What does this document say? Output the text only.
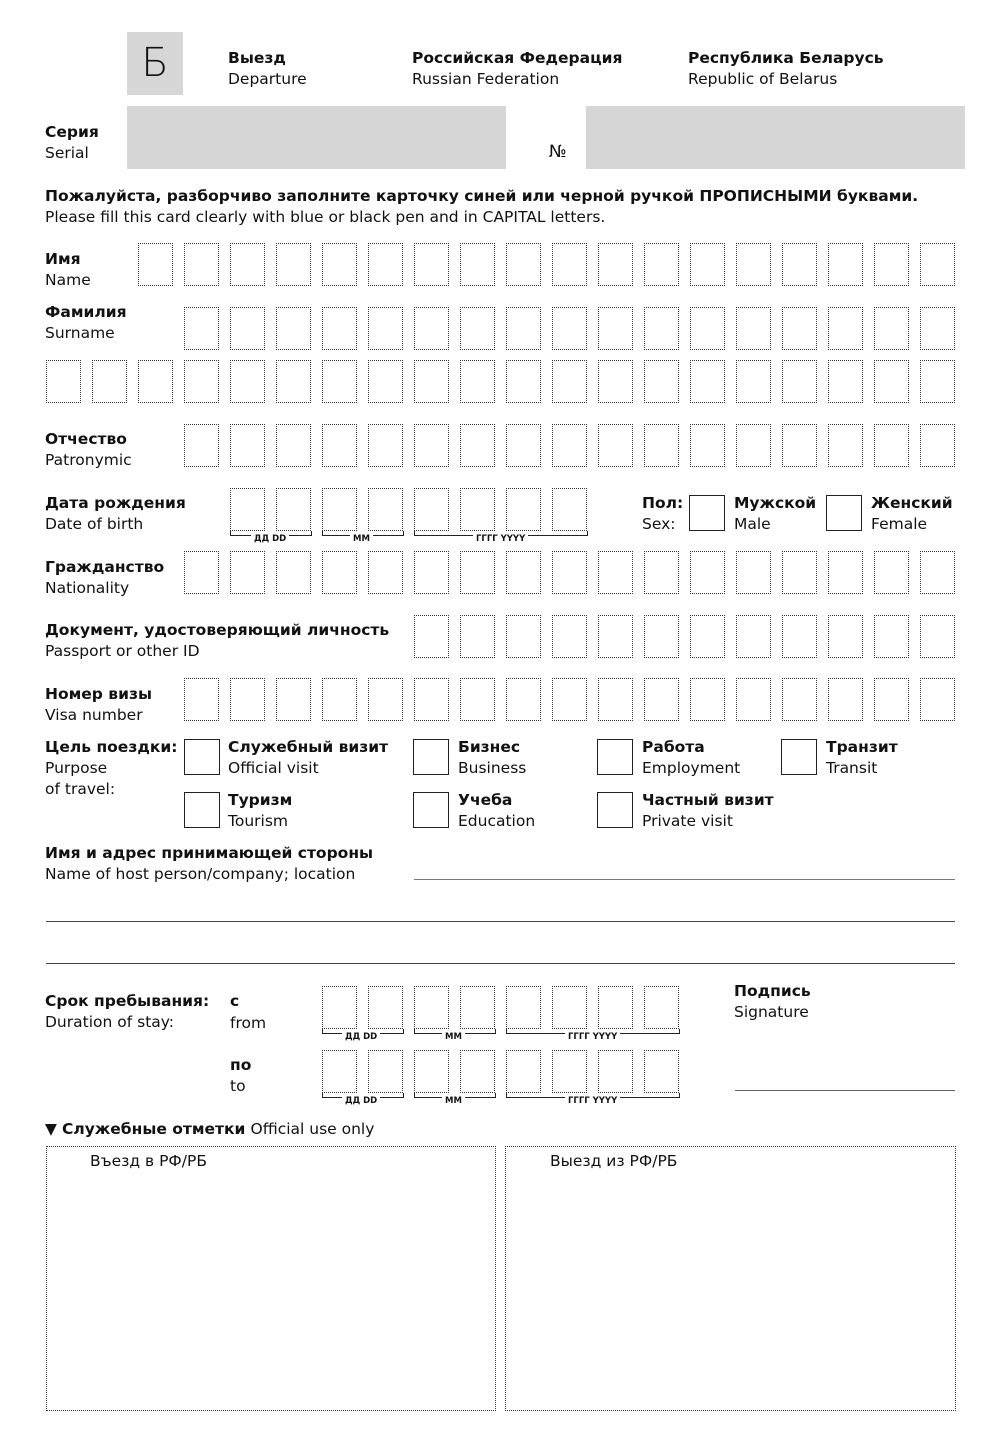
Б	Выезд
Departure
Российская Федерация
Russian Federation
Республика Беларусь
Republic of Belarus
Серия
Serial	№
Пожалуйста, разборчиво заполните карточку синей или черной ручкой ПРОПИСНЫМИ буквами.
Please fill this card clearly with blue or black pen and in CAPITAL letters.
Имя
Name
Фамилия
Surname
Отчество
Patronymic
Дата рождения
Date of birth
ДД DD	ММ	ГГГГ YYYY
Пол:
Sex:
Мужской
Male
Женский
Female
Гражданство
Nationality
Документ, удостоверяющий личность
Passport or other ID
Номер визы
Visa number
Цель поездки:
Purpose
of travel:
Служебный визит
Official visit
Бизнес
Business
Работа
Employment
Транзит
Transit
Туризм
Tourism
Учеба
Education
Частный визит
Private visit
Имя и адрес принимающей стороны
Name of host person/company; location
Срок пребывания:
Duration of stay:
с
from
по
to
ДД DD	ММ	ГГГГ YYYY
ДД DD	ММ	ГГГГ YYYY
Подпись
Signature
▼ Служебные отметки Official use only
Въезд в РФ/РБ	Выезд из РФ/РБ
